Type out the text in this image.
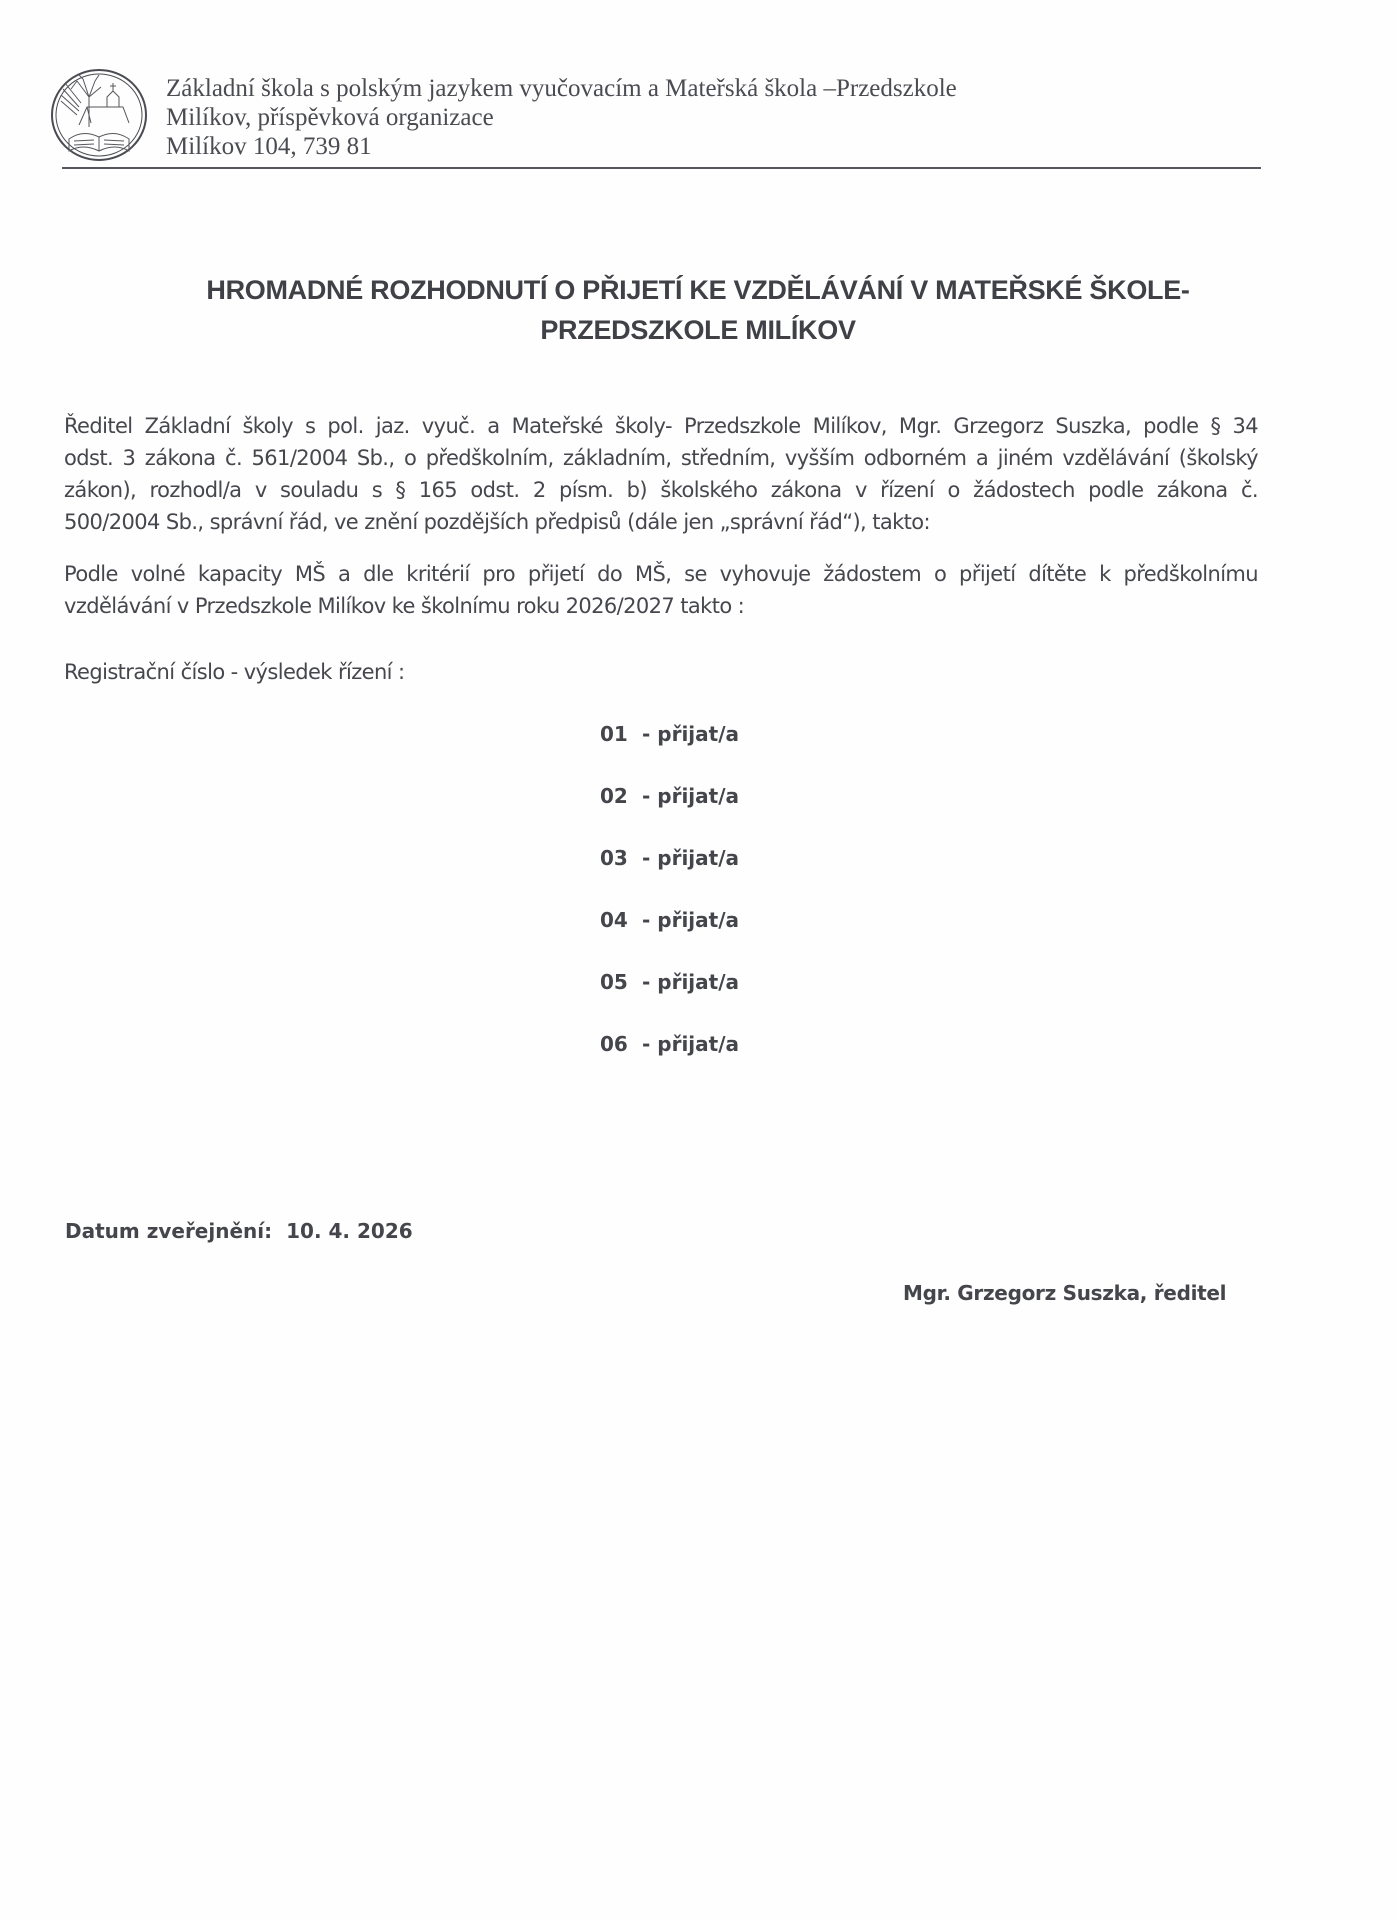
Základní škola s polským jazykem vyučovacím a Mateřská škola –Przedszkole
Milíkov, příspěvková organizace
Milíkov 104, 739 81
HROMADNÉ ROZHODNUTÍ O PŘIJETÍ KE VZDĚLÁVÁNÍ V MATEŘSKÉ ŠKOLE-
PRZEDSZKOLE MILÍKOV
Ředitel Základní školy s pol. jaz. vyuč. a Mateřské školy- Przedszkole Milíkov, Mgr. Grzegorz Suszka, podle § 34
odst. 3 zákona č. 561/2004 Sb., o předškolním, základním, středním, vyšším odborném a jiném vzdělávání (školský
zákon), rozhodl/a v souladu s § 165 odst. 2 písm. b) školského zákona v řízení o žádostech podle zákona č.
500/2004 Sb., správní řád, ve znění pozdějších předpisů (dále jen „správní řád“), takto:
Podle volné kapacity MŠ a dle kritérií pro přijetí do MŠ, se vyhovuje žádostem o přijetí dítěte k předškolnímu
vzdělávání v Przedszkole Milíkov ke školnímu roku 2026/2027 takto :
Registrační číslo - výsledek řízení :
01 - přijat/a
02 - přijat/a
03 - přijat/a
04 - přijat/a
05 - přijat/a
06 - přijat/a
Datum zveřejnění: 10. 4. 2026
Mgr. Grzegorz Suszka, ředitel
